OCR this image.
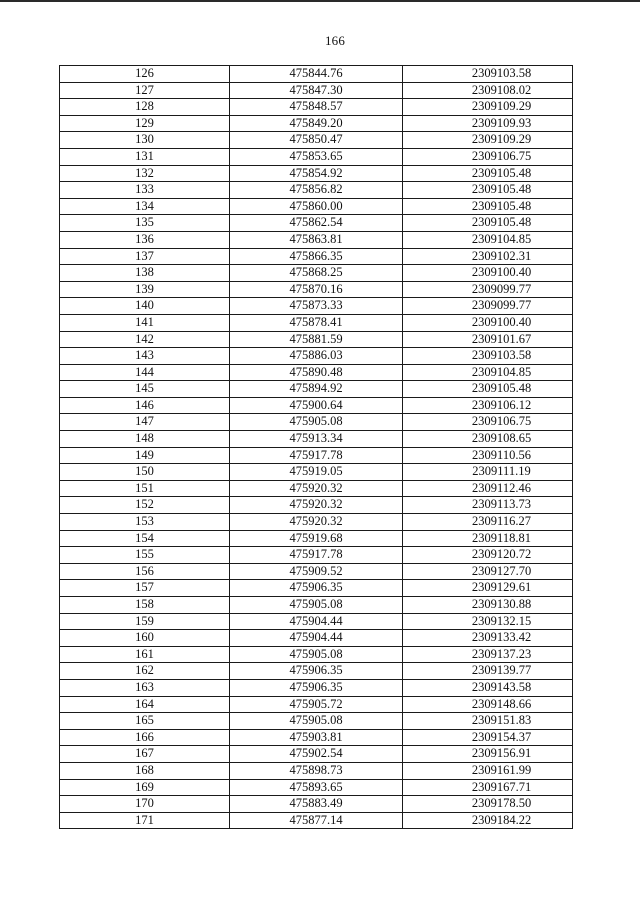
166
126	475844.76	2309103.58
127	475847.30	2309108.02
128	475848.57	2309109.29
129	475849.20	2309109.93
130	475850.47	2309109.29
131	475853.65	2309106.75
132	475854.92	2309105.48
133	475856.82	2309105.48
134	475860.00	2309105.48
135	475862.54	2309105.48
136	475863.81	2309104.85
137	475866.35	2309102.31
138	475868.25	2309100.40
139	475870.16	2309099.77
140	475873.33	2309099.77
141	475878.41	2309100.40
142	475881.59	2309101.67
143	475886.03	2309103.58
144	475890.48	2309104.85
145	475894.92	2309105.48
146	475900.64	2309106.12
147	475905.08	2309106.75
148	475913.34	2309108.65
149	475917.78	2309110.56
150	475919.05	2309111.19
151	475920.32	2309112.46
152	475920.32	2309113.73
153	475920.32	2309116.27
154	475919.68	2309118.81
155	475917.78	2309120.72
156	475909.52	2309127.70
157	475906.35	2309129.61
158	475905.08	2309130.88
159	475904.44	2309132.15
160	475904.44	2309133.42
161	475905.08	2309137.23
162	475906.35	2309139.77
163	475906.35	2309143.58
164	475905.72	2309148.66
165	475905.08	2309151.83
166	475903.81	2309154.37
167	475902.54	2309156.91
168	475898.73	2309161.99
169	475893.65	2309167.71
170	475883.49	2309178.50
171	475877.14	2309184.22
